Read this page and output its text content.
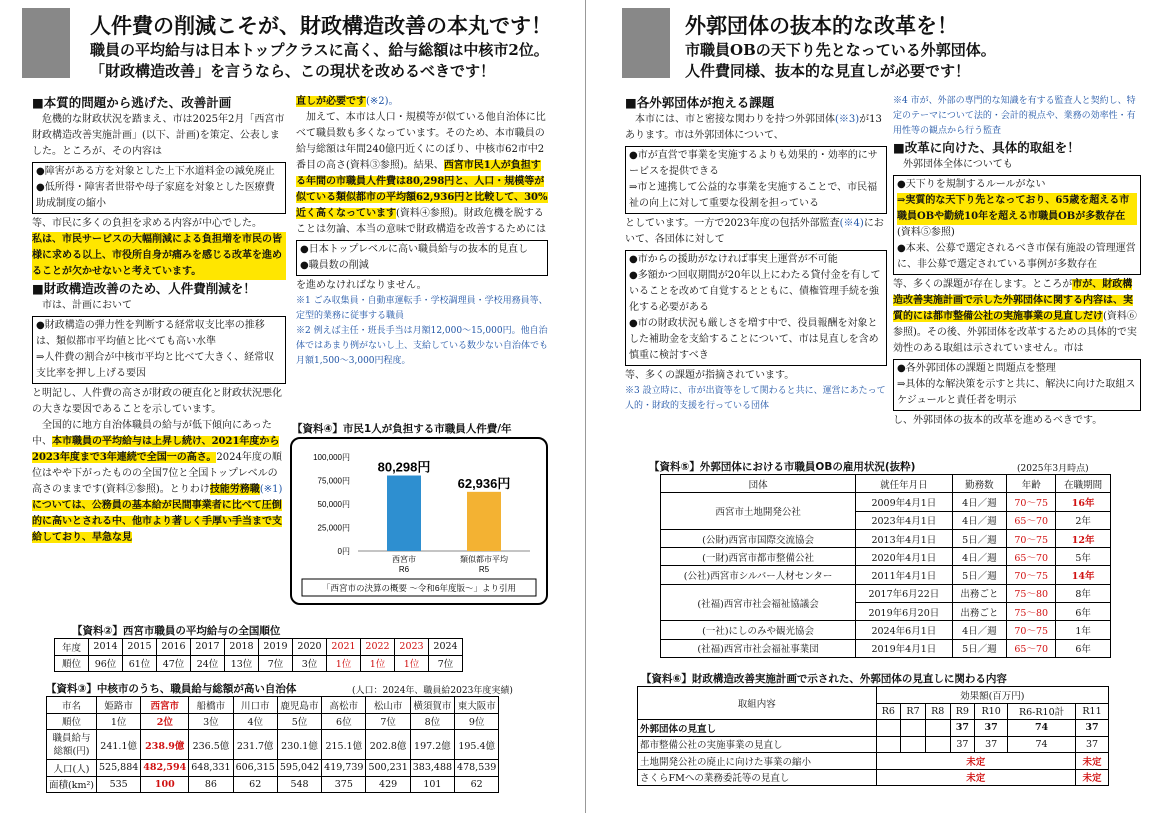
人件費の削減こそが、財政構造改善の本丸です！
職員の平均給与は日本トップクラスに高く、給与総額は中核市2位。
「財政構造改善」を言うなら、この現状を改めるべきです！
■本質的問題から逃げた、改善計画
危機的な財政状況を踏まえ、市は2025年2月「西宮市財政構造改善実施計画」(以下、計画)を策定、公表しました。ところが、その内容は
●障害がある方を対象とした上下水道料金の減免廃止
●低所得・障害者世帯や母子家庭を対象とした医療費助成制度の縮小
等、市民に多くの負担を求める内容が中心でした。
私は、市民サービスの大幅削減による負担増を市民の皆様に求める以上、市役所自身が痛みを感じる改革を進めることが欠かせないと考えています。
■財政構造改善のため、人件費削減を！
市は、計画において
●財政構造の弾力性を判断する経常収支比率の推移は、類似都市平均値と比べても高い水準
⇒人件費の割合が中核市平均と比べて大きく、経常収支比率を押し上げる要因
と明記し、人件費の高さが財政の硬直化と財政状況悪化の大きな要因であることを示しています。
全国的に地方自治体職員の給与が低下傾向にあった中、本市職員の平均給与は上昇し続け、2021年度から2023年度まで3年連続で全国一の高さ。2024年度の順位はやや下がったものの全国7位と全国トップレベルの高さのままです(資料②参照)。とりわけ技能労務職(※1)については、公務員の基本給が民間事業者に比べて圧倒的に高いとされる中、他市より著しく手厚い手当まで支給しており、早急な見
直しが必要です(※2)。
加えて、本市は人口・規模等が似ている他自治体に比べて職員数も多くなっています。そのため、本市職員の給与総額は年間240億円近くにのぼり、中核市62市中2番目の高さ(資料③参照)。結果、西宮市民1人が負担する年間の市職員人件費は80,298円と、人口・規模等が似ている類似都市の平均額62,936円と比較して、30%近く高くなっています(資料④参照)。財政危機を脱することは勿論、本当の意味で財政構造を改善するためには
●日本トップレベルに高い職員給与の抜本的見直し
●職員数の削減
を進めなければなりません。
※1 ごみ収集員・自動車運転手・学校調理員・学校用務員等、定型的業務に従事する職員
※2 例えば主任・班長手当は月額12,000〜15,000円。他自治体ではあまり例がないし上、支給している数少ない自治体でも月額1,500〜3,000円程度。
【資料④】市民1人が負担する市職員人件費/年
0円
25,000円
50,000円
75,000円
100,000円
80,298円
西宮市
R6
62,936円
類似都市平均
R5
「西宮市の決算の概要 〜令和6年度版〜」より引用
【資料②】西宮市職員の平均給与の全国順位
年度	2014	2015	2016	2017	2018	2019	2020	2021	2022	2023	2024
順位	96位	61位	47位	24位	13位	7位	3位	1位	1位	1位	7位
【資料③】中核市のうち、職員給与総額が高い自治体	(人口：2024年、職員給2023年度実績)
市名	姫路市	西宮市	船橋市	川口市	鹿児島市	高松市	松山市	横須賀市	東大阪市
順位	1位	2位	3位	4位	5位	6位	7位	8位	9位
職員給与総額(円)	241.1億	238.9億	236.5億	231.7億	230.1億	215.1億	202.8億	197.2億	195.4億
人口(人)	525,884	482,594	648,331	606,315	595,042	419,739	500,231	383,488	478,539
面積(km²)	535	100	86	62	548	375	429	101	62
外郭団体の抜本的な改革を！
市職員OBの天下り先となっている外郭団体。
人件費同様、抜本的な見直しが必要です！
■各外郭団体が抱える課題
本市には、市と密接な関わりを持つ外郭団体(※3)が13あります。市は外郭団体について、
●市が直営で事業を実施するよりも効果的・効率的にサービスを提供できる
⇒市と連携して公益的な事業を実施することで、市民福祉の向上に対して重要な役割を担っている
としています。一方で2023年度の包括外部監査(※4)において、各団体に対して
●市からの援助がなければ事実上運営が不可能
●多額かつ回収期間が20年以上にわたる貸付金を有していることを改めて自覚するとともに、債権管理手続を強化する必要がある
●市の財政状況も厳しさを増す中で、役員報酬を対象とした補助金を支給することについて、市は見直しを含め慎重に検討すべき
等、多くの課題が指摘されています。
※3 設立時に、市が出資等をして関わると共に、運営にあたって人的・財政的支援を行っている団体
※4 市が、外部の専門的な知識を有する監査人と契約し、特定のテーマについて法的・会計的視点や、業務の効率性・有用性等の観点から行う監査
■改革に向けた、具体的取組を！
外郭団体全体についても
●天下りを規制するルールがない
⇒実質的な天下り先となっており、65歳を超える市職員OBや勤続10年を超える市職員OBが多数存在
(資料⑤参照)
●本来、公募で選定されるべき市保有施設の管理運営に、非公募で選定されている事例が多数存在
等、多くの課題が存在します。ところが市が、財政構造改善実施計画で示した外郭団体に関する内容は、実質的には都市整備公社の実施事業の見直しだけ(資料⑥参照)。その後、外郭団体を改革するための具体的で実効性のある取組は示されていません。市は
●各外郭団体の課題と問題点を整理
⇒具体的な解決策を示すと共に、解決に向けた取組スケジュールと責任者を明示
し、外郭団体の抜本的改革を進めるべきです。
【資料⑤】外郭団体における市職員OBの雇用状況(抜粋)	(2025年3月時点)
団体	就任年月日	勤務数	年齢	在職期間
西宮市土地開発公社	2009年4月1日	4日／週	70〜75	16年
	2023年4月1日	4日／週	65〜70	2年
(公財)西宮市国際交流協会	2013年4月1日	5日／週	70〜75	12年
(一財)西宮市都市整備公社	2020年4月1日	4日／週	65〜70	5年
(公社)西宮市シルバー人材センター	2011年4月1日	5日／週	70〜75	14年
(社福)西宮市社会福祉協議会	2017年6月22日	出務ごと	75〜80	8年
	2019年6月20日	出務ごと	75〜80	6年
(一社)にしのみや観光協会	2024年6月1日	4日／週	70〜75	1年
(社福)西宮市社会福祉事業団	2019年4月1日	5日／週	65〜70	6年
【資料⑥】財政構造改善実施計画で示された、外郭団体の見直しに関わる内容
取組内容	効果額(百万円)						
	R6	R7	R8	R9	R10	R6-R10計	R11
外郭団体の見直し				37	37	74	37
都市整備公社の実施事業の見直し				37	37	74	37
土地開発公社の廃止に向けた事業の縮小	未定						未定
さくらFMへの業務委託等の見直し	未定						未定
